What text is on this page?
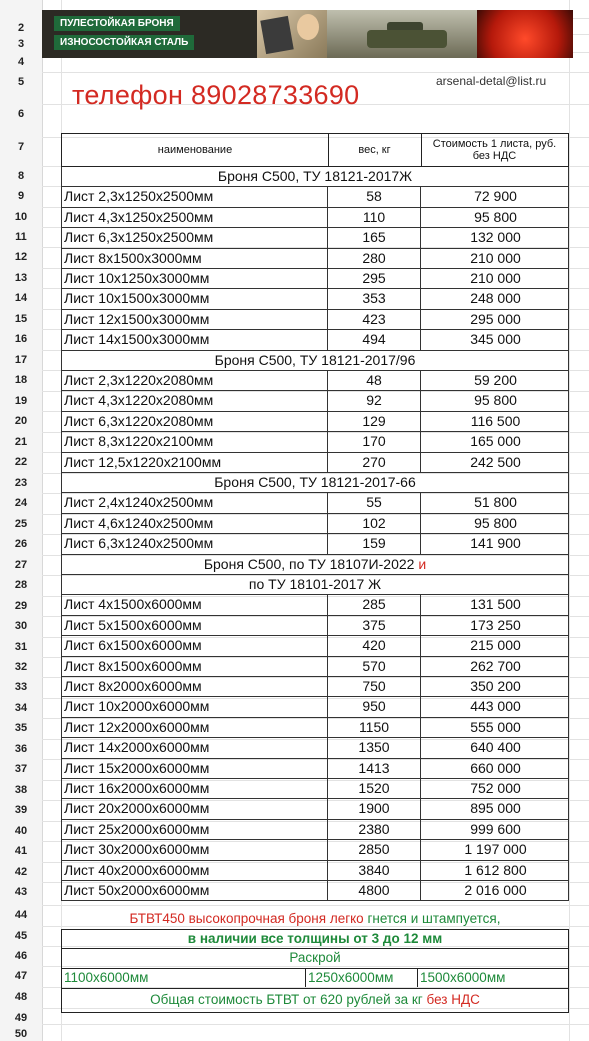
2
3
4
5
6
7
8
9
10
11
12
13
14
15
16
17
18
19
20
21
22
23
24
25
26
27
28
29
30
31
32
33
34
35
36
37
38
39
40
41
42
43
44
45
46
47
48
49
50
ПУЛЕСТОЙКАЯ БРОНЯ
ИЗНОСОСТОЙКАЯ СТАЛЬ
телефон 89028733690	arsenal-detal@list.ru
наименование	вес, кг	Стоимость 1 листа, руб. без НДС
Броня С500, ТУ 18121-2017Ж
Лист 2,3х1250х2500мм	58	72 900
Лист 4,3х1250х2500мм	110	95 800
Лист 6,3х1250х2500мм	165	132 000
Лист 8х1500х3000мм	280	210 000
Лист 10х1250х3000мм	295	210 000
Лист 10х1500х3000мм	353	248 000
Лист 12х1500х3000мм	423	295 000
Лист 14х1500х3000мм	494	345 000
Броня С500, ТУ 18121-2017/96
Лист 2,3х1220х2080мм	48	59 200
Лист 4,3х1220х2080мм	92	95 800
Лист 6,3х1220х2080мм	129	116 500
Лист 8,3х1220х2100мм	170	165 000
Лист 12,5х1220х2100мм	270	242 500
Броня С500, ТУ 18121-2017-66
Лист 2,4х1240х2500мм	55	51 800
Лист 4,6х1240х2500мм	102	95 800
Лист 6,3х1240х2500мм	159	141 900
Броня С500, по ТУ 18107И-2022 и
по ТУ 18101-2017 Ж
Лист 4х1500х6000мм	285	131 500
Лист 5х1500х6000мм	375	173 250
Лист 6х1500х6000мм	420	215 000
Лист 8х1500х6000мм	570	262 700
Лист 8х2000х6000мм	750	350 200
Лист 10х2000х6000мм	950	443 000
Лист 12х2000х6000мм	1150	555 000
Лист 14х2000х6000мм	1350	640 400
Лист 15х2000х6000мм	1413	660 000
Лист 16х2000х6000мм	1520	752 000
Лист 20х2000х6000мм	1900	895 000
Лист 25х2000х6000мм	2380	999 600
Лист 30х2000х6000мм	2850	1 197 000
Лист 40х2000х6000мм	3840	1 612 800
Лист 50х2000х6000мм	4800	2 016 000
БТВТ450 высокопрочная броня легко гнется и штампуется,
в наличии все толщины от 3 до 12 мм
Раскрой
1100х6000мм	1250х6000мм 1500х6000мм
Общая стоимость БТВТ от 620 рублей за кг без НДС
